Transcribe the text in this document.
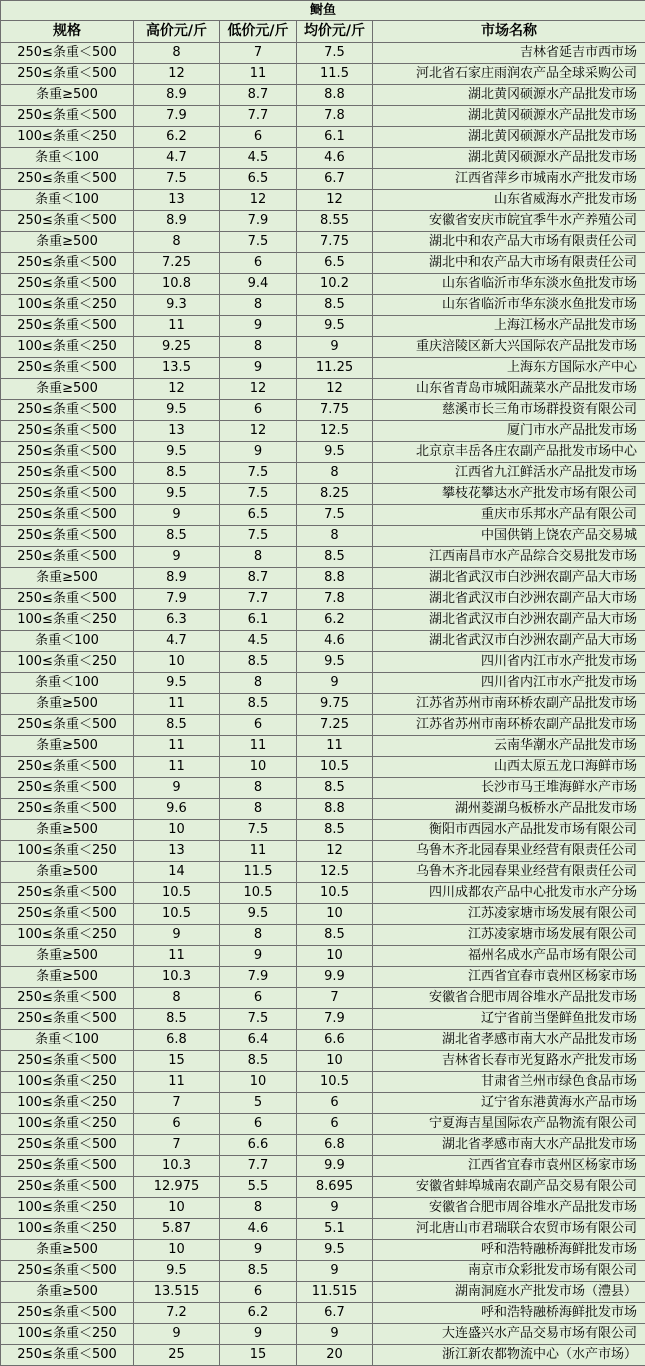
鲥鱼				
规格	高价元/斤	低价元/斤	均价元/斤	市场名称
250≤条重＜500	8	7	7.5	吉林省延吉市西市场
250≤条重＜500	12	11	11.5	河北省石家庄雨润农产品全球采购公司
条重≥500	8.9	8.7	8.8	湖北黄冈硕源水产品批发市场
250≤条重＜500	7.9	7.7	7.8	湖北黄冈硕源水产品批发市场
100≤条重＜250	6.2	6	6.1	湖北黄冈硕源水产品批发市场
条重＜100	4.7	4.5	4.6	湖北黄冈硕源水产品批发市场
250≤条重＜500	7.5	6.5	6.7	江西省萍乡市城南水产批发市场
条重＜100	13	12	12	山东省威海水产批发市场
250≤条重＜500	8.9	7.9	8.55	安徽省安庆市皖宜季牛水产养殖公司
条重≥500	8	7.5	7.75	湖北中和农产品大市场有限责任公司
250≤条重＜500	7.25	6	6.5	湖北中和农产品大市场有限责任公司
250≤条重＜500	10.8	9.4	10.2	山东省临沂市华东淡水鱼批发市场
100≤条重＜250	9.3	8	8.5	山东省临沂市华东淡水鱼批发市场
250≤条重＜500	11	9	9.5	上海江杨水产品批发市场
100≤条重＜250	9.25	8	9	重庆涪陵区新大兴国际农产品批发市场
250≤条重＜500	13.5	9	11.25	上海东方国际水产中心
条重≥500	12	12	12	山东省青岛市城阳蔬菜水产品批发市场
250≤条重＜500	9.5	6	7.75	慈溪市长三角市场群投资有限公司
250≤条重＜500	13	12	12.5	厦门市水产品批发市场
250≤条重＜500	9.5	9	9.5	北京京丰岳各庄农副产品批发市场中心
250≤条重＜500	8.5	7.5	8	江西省九江鲜活水产品批发市场
250≤条重＜500	9.5	7.5	8.25	攀枝花攀达水产批发市场有限公司
250≤条重＜500	9	6.5	7.5	重庆市乐邦水产品有限公司
250≤条重＜500	8.5	7.5	8	中国供销上饶农产品交易城
250≤条重＜500	9	8	8.5	江西南昌市水产品综合交易批发市场
条重≥500	8.9	8.7	8.8	湖北省武汉市白沙洲农副产品大市场
250≤条重＜500	7.9	7.7	7.8	湖北省武汉市白沙洲农副产品大市场
100≤条重＜250	6.3	6.1	6.2	湖北省武汉市白沙洲农副产品大市场
条重＜100	4.7	4.5	4.6	湖北省武汉市白沙洲农副产品大市场
100≤条重＜250	10	8.5	9.5	四川省内江市水产批发市场
条重＜100	9.5	8	9	四川省内江市水产批发市场
条重≥500	11	8.5	9.75	江苏省苏州市南环桥农副产品批发市场
250≤条重＜500	8.5	6	7.25	江苏省苏州市南环桥农副产品批发市场
条重≥500	11	11	11	云南华潮水产品批发市场
250≤条重＜500	11	10	10.5	山西太原五龙口海鲜市场
250≤条重＜500	9	8	8.5	长沙市马王堆海鲜水产市场
250≤条重＜500	9.6	8	8.8	湖州菱湖乌板桥水产品批发市场
条重≥500	10	7.5	8.5	衡阳市西园水产品批发市场有限公司
100≤条重＜250	13	11	12	乌鲁木齐北园春果业经营有限责任公司
条重≥500	14	11.5	12.5	乌鲁木齐北园春果业经营有限责任公司
250≤条重＜500	10.5	10.5	10.5	四川成都农产品中心批发市水产分场
250≤条重＜500	10.5	9.5	10	江苏凌家塘市场发展有限公司
100≤条重＜250	9	8	8.5	江苏凌家塘市场发展有限公司
条重≥500	11	9	10	福州名成水产品市场有限公司
条重≥500	10.3	7.9	9.9	江西省宜春市袁州区杨家市场
250≤条重＜500	8	6	7	安徽省合肥市周谷堆水产品批发市场
250≤条重＜500	8.5	7.5	7.9	辽宁省前当堡鲜鱼批发市场
条重＜100	6.8	6.4	6.6	湖北省孝感市南大水产品批发市场
250≤条重＜500	15	8.5	10	吉林省长春市光复路水产批发市场
100≤条重＜250	11	10	10.5	甘肃省兰州市绿色食品市场
100≤条重＜250	7	5	6	辽宁省东港黄海水产品市场
100≤条重＜250	6	6	6	宁夏海吉星国际农产品物流有限公司
250≤条重＜500	7	6.6	6.8	湖北省孝感市南大水产品批发市场
250≤条重＜500	10.3	7.7	9.9	江西省宜春市袁州区杨家市场
250≤条重＜500	12.975	5.5	8.695	安徽省蚌埠城南农副产品交易有限公司
100≤条重＜250	10	8	9	安徽省合肥市周谷堆水产品批发市场
100≤条重＜250	5.87	4.6	5.1	河北唐山市君瑞联合农贸市场有限公司
条重≥500	10	9	9.5	呼和浩特融桥海鲜批发市场
250≤条重＜500	9.5	8.5	9	南京市众彩批发市场有限公司
条重≥500	13.515	6	11.515	湖南洞庭水产批发市场（澧县）
250≤条重＜500	7.2	6.2	6.7	呼和浩特融桥海鲜批发市场
100≤条重＜250	9	9	9	大连盛兴水产品交易市场有限公司
250≤条重＜500	25	15	20	浙江新农都物流中心（水产市场）
